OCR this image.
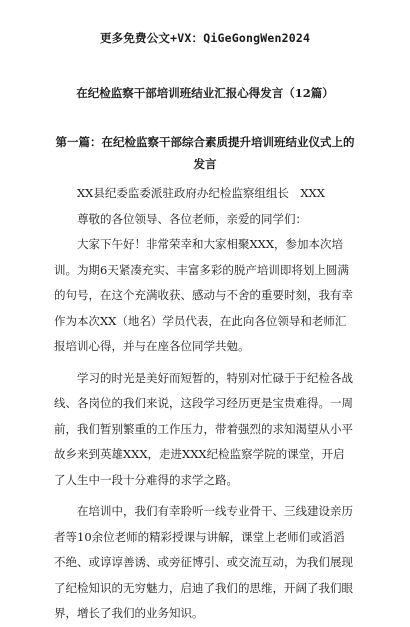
更多免费公文+VX：QiGeGongWen2024
在纪检监察干部培训班结业汇报心得发言（12篇）
第一篇：在纪检监察干部综合素质提升培训班结业仪式上的发言

XX县纪委监委派驻政府办纪检监察组组长　XXX

尊敬的各位领导、各位老师，亲爱的同学们：

大家下午好！非常荣幸和大家相聚XXX，参加本次培训。为期6天紧凑充实、丰富多彩的脱产培训即将划上圆满的句号，在这个充满收获、感动与不舍的重要时刻，我有幸作为本次XX（地名）学员代表，在此向各位领导和老师汇报培训心得，并与在座各位同学共勉。

学习的时光是美好而短暂的，特别对忙碌于于纪检各战线、各岗位的我们来说，这段学习经历更是宝贵难得。一周前，我们暂别繁重的工作压力，带着强烈的求知渴望从小平故乡来到英雄XXX，走进XXX纪检监察学院的课堂，开启了人生中一段十分难得的求学之路。

在培训中，我们有幸聆听一线专业骨干、三线建设亲历者等10余位老师的精彩授课与讲解，课堂上老师们或滔滔不绝、或谆谆善诱、或旁征博引、或交流互动，为我们展现了纪检知识的无穷魅力，启迪了我们的思维，开阔了我们眼界，增长了我们的业务知识。
